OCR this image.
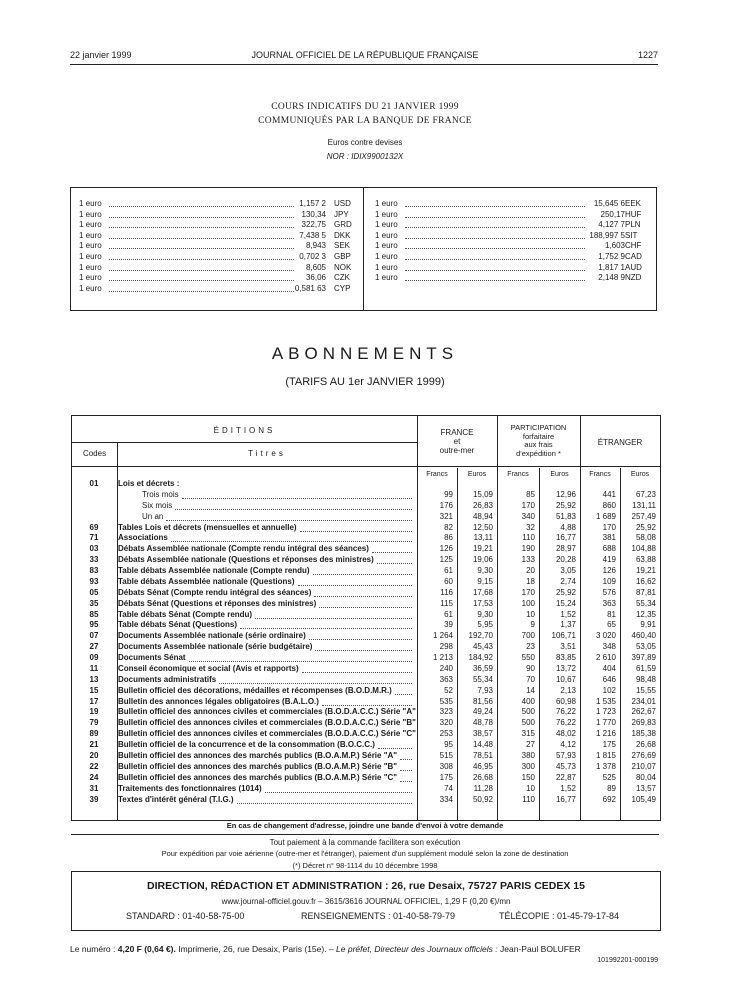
22 janvier 1999	JOURNAL OFFICIEL DE LA RÉPUBLIQUE FRANÇAISE	1227
COURS INDICATIFS DU 21 JANVIER 1999
COMMUNIQUÉS PAR LA BANQUE DE FRANCE
Euros contre devises
NOR : IDIX9900132X
1 euro	1,157 2 USD
1 euro	130,34 JPY
1 euro	322,75 GRD
1 euro	7,438 5 DKK
1 euro	8,943 SEK
1 euro	0,702 3 GBP
1 euro	8,605 NOK
1 euro	36,06 CZK
1 euro	0,581 63 CYP
1 euro	15,645 6 EEK
1 euro	250,17 HUF
1 euro	4,127 7 PLN
1 euro	188,997 5 SIT
1 euro	1,603 CHF
1 euro	1,752 9 CAD
1 euro	1,817 1 AUD
1 euro	2,148 9 NZD
ABONNEMENTS
(TARIFS AU 1er JANVIER 1999)
ÉDITIONS
Codes	Titres
FRANCE
et
outre-mer
PARTICIPATION
forfaitaire
aux frais
d'expédition *
ÉTRANGER
Francs	Euros	Francs	Euros	Francs	Euros
01	Lois et décrets :
Trois mois	99	15,09	85	12,96	441	67,23
Six mois	176	26,83	170	25,92	860	131,11
Un an	321	48,94	340	51,83	1 689	257,49
69	Tables Lois et décrets (mensuelles et annuelle)	82	12,50	32	4,88	170	25,92
71	Associations	86	13,11	110	16,77	381	58,08
03	Débats Assemblée nationale (Compte rendu intégral des séances)	126	19,21	190	28,97	688	104,88
33	Débats Assemblée nationale (Questions et réponses des ministres)	125	19,06	133	20,28	419	63,88
83	Table débats Assemblée nationale (Compte rendu)	61	9,30	20	3,05	126	19,21
93	Table débats Assemblée nationale (Questions)	60	9,15	18	2,74	109	16,62
05	Débats Sénat (Compte rendu intégral des séances)	116	17,68	170	25,92	576	87,81
35	Débats Sénat (Questions et réponses des ministres)	115	17,53	100	15,24	363	55,34
85	Table débats Sénat (Compte rendu)	61	9,30	10	1,52	81	12,35
95	Table débats Sénat (Questions)	39	5,95	9	1,37	65	9,91
07	Documents Assemblée nationale (série ordinaire)	1 264	192,70	700	106,71	3 020	460,40
27	Documents Assemblée nationale (série budgétaire)	298	45,43	23	3,51	348	53,05
09	Documents Sénat	1 213	184,92	550	83,85	2 610	397,89
11	Conseil économique et social (Avis et rapports)	240	36,59	90	13,72	404	61,59
13	Documents administratifs	363	55,34	70	10,67	646	98,48
15	Bulletin officiel des décorations, médailles et récompenses (B.O.D.M.R.)	52	7,93	14	2,13	102	15,55
17	Bulletin des annonces légales obligatoires (B.A.L.O.)	535	81,56	400	60,98	1 535	234,01
19	Bulletin officiel des annonces civiles et commerciales (B.O.D.A.C.C.) Série "A"	323	49,24	500	76,22	1 723	262,67
79	Bulletin officiel des annonces civiles et commerciales (B.O.D.A.C.C.) Série "B"	320	48,78	500	76,22	1 770	269,83
89	Bulletin officiel des annonces civiles et commerciales (B.O.D.A.C.C.) Série "C"	253	38,57	315	48,02	1 216	185,38
21	Bulletin officiel de la concurrence et de la consommation (B.O.C.C.)	95	14,48	27	4,12	175	26,68
20	Bulletin officiel des annonces des marchés publics (B.O.A.M.P.) Série "A"	515	78,51	380	57,93	1 815	276,69
22	Bulletin officiel des annonces des marchés publics (B.O.A.M.P.) Série "B"	308	46,95	300	45,73	1 378	210,07
24	Bulletin officiel des annonces des marchés publics (B.O.A.M.P.) Série "C"	175	26,68	150	22,87	525	80,04
31	Traitements des fonctionnaires (1014)	74	11,28	10	1,52	89	13,57
39	Textes d'intérêt général (T.I.G.)	334	50,92	110	16,77	692	105,49
En cas de changement d'adresse, joindre une bande d'envoi à votre demande
Tout paiement à la commande facilitera son exécution
Pour expédition par voie aérienne (outre-mer et l'étranger), paiement d'un supplément modulé selon la zone de destination
(*) Décret n° 98-1114 du 10 décembre 1998
DIRECTION, RÉDACTION ET ADMINISTRATION : 26, rue Desaix, 75727 PARIS CEDEX 15
www.journal-officiel.gouv.fr – 3615/3616 JOURNAL OFFICIEL, 1,29 F (0,20 €)/mn
STANDARD : 01-40-58-75-00	RENSEIGNEMENTS : 01-40-58-79-79	TÉLÉCOPIE : 01-45-79-17-84
Le numéro : 4,20 F (0,64 €). Imprimerie, 26, rue Desaix, Paris (15e). – Le préfet, Directeur des Journaux officiels : Jean-Paul BOLUFER
101992201-000199
